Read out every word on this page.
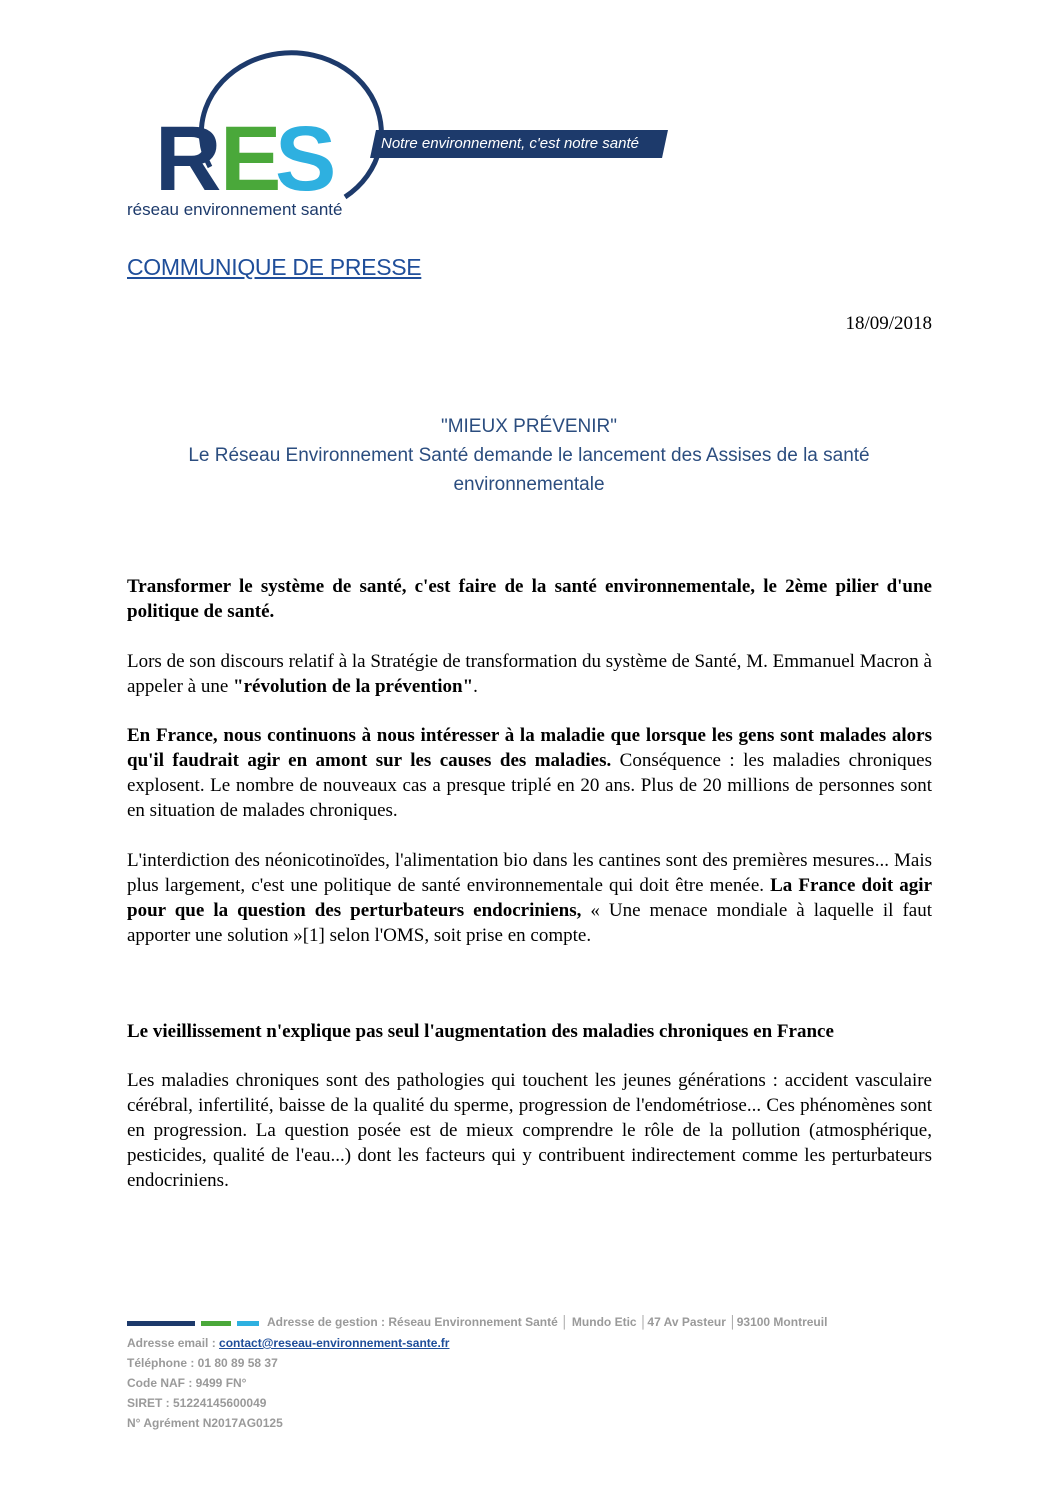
R E
S
réseau environnement santé
Notre environnement, c'est notre santé
COMMUNIQUE DE PRESSE
18/09/2018
"MIEUX PRÉVENIR"
Le Réseau Environnement Santé demande le lancement des Assises de la santé environnementale

Transformer le système de santé, c'est faire de la santé environnementale, le 2ème pilier d'une politique de santé.

Lors de son discours relatif à la Stratégie de transformation du système de Santé, M. Emmanuel Macron à appeler à une "révolution de la prévention".

En France, nous continuons à nous intéresser à la maladie que lorsque les gens sont malades alors qu'il faudrait agir en amont sur les causes des maladies. Conséquence : les maladies chroniques explosent. Le nombre de nouveaux cas a presque triplé en 20 ans. Plus de 20 millions de personnes sont en situation de malades chroniques.

L'interdiction des néonicotinoïdes, l'alimentation bio dans les cantines sont des premières mesures... Mais plus largement, c'est une politique de santé environnementale qui doit être menée. La France doit agir pour que la question des perturbateurs endocriniens, « Une menace mondiale à laquelle il faut apporter une solution »[1] selon l'OMS, soit prise en compte.

Le vieillissement n'explique pas seul l'augmentation des maladies chroniques en France

Les maladies chroniques sont des pathologies qui touchent les jeunes générations : accident vasculaire cérébral, infertilité, baisse de la qualité du sperme, progression de l'endométriose... Ces phénomènes sont en progression. La question posée est de mieux comprendre le rôle de la pollution (atmosphérique, pesticides, qualité de l'eau...) dont les facteurs qui y contribuent indirectement comme les perturbateurs endocriniens.

Adresse de gestion : Réseau Environnement Santé │ Mundo Etic │47 Av Pasteur │93100 Montreuil
Adresse email : contact@reseau-environnement-sante.fr
Téléphone : 01 80 89 58 37
Code NAF : 9499 FN°
SIRET : 51224145600049
N° Agrément N2017AG0125
